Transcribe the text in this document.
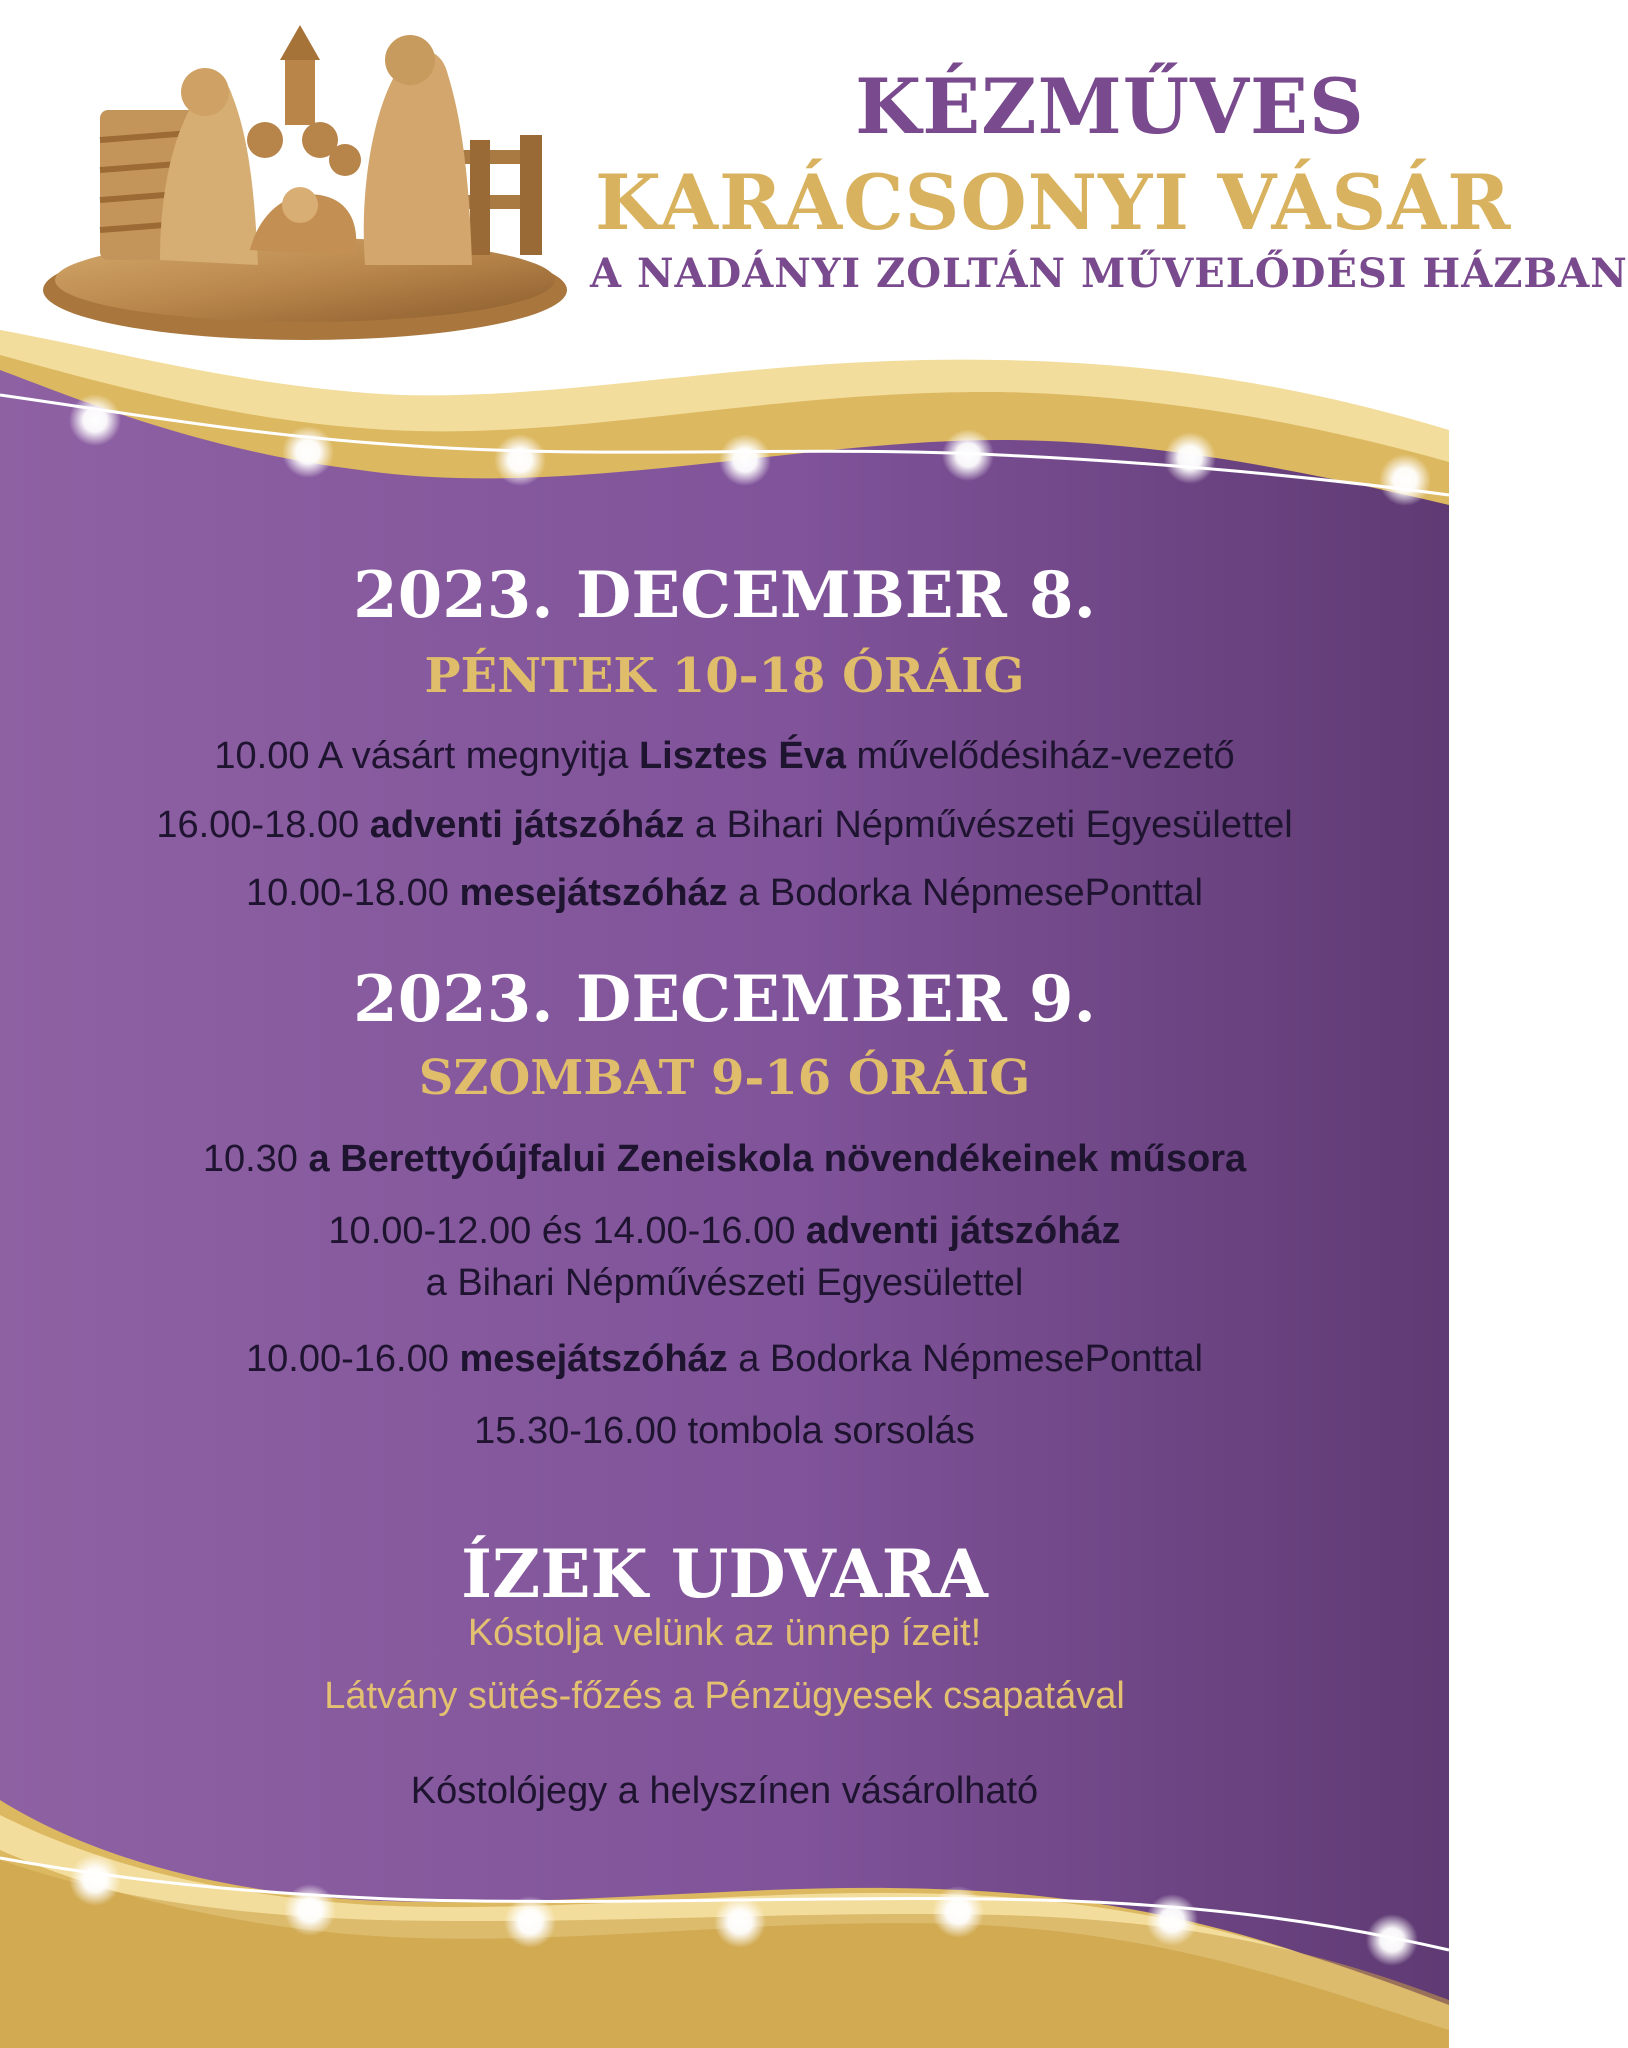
KÉZMŰVES
KARÁCSONYI VÁSÁR
A NADÁNYI ZOLTÁN MŰVELŐDÉSI HÁZBAN
2023. DECEMBER 8.
PÉNTEK 10-18 ÓRÁIG
10.00 A vásárt megnyitja Lisztes Éva művelődésiház-vezető
16.00-18.00 adventi játszóház a Bihari Népművészeti Egyesülettel
10.00-18.00 mesejátszóház a Bodorka NépmesePonttal
2023. DECEMBER 9.
SZOMBAT 9-16 ÓRÁIG
10.30 a Berettyóújfalui Zeneiskola növendékeinek műsora
10.00-12.00 és 14.00-16.00 adventi játszóház
a Bihari Népművészeti Egyesülettel
10.00-16.00 mesejátszóház a Bodorka NépmesePonttal
15.30-16.00 tombola sorsolás
ÍZEK UDVARA
Kóstolja velünk az ünnep ízeit!
Látvány sütés-főzés a Pénzügyesek csapatával
Kóstolójegy a helyszínen vásárolható
